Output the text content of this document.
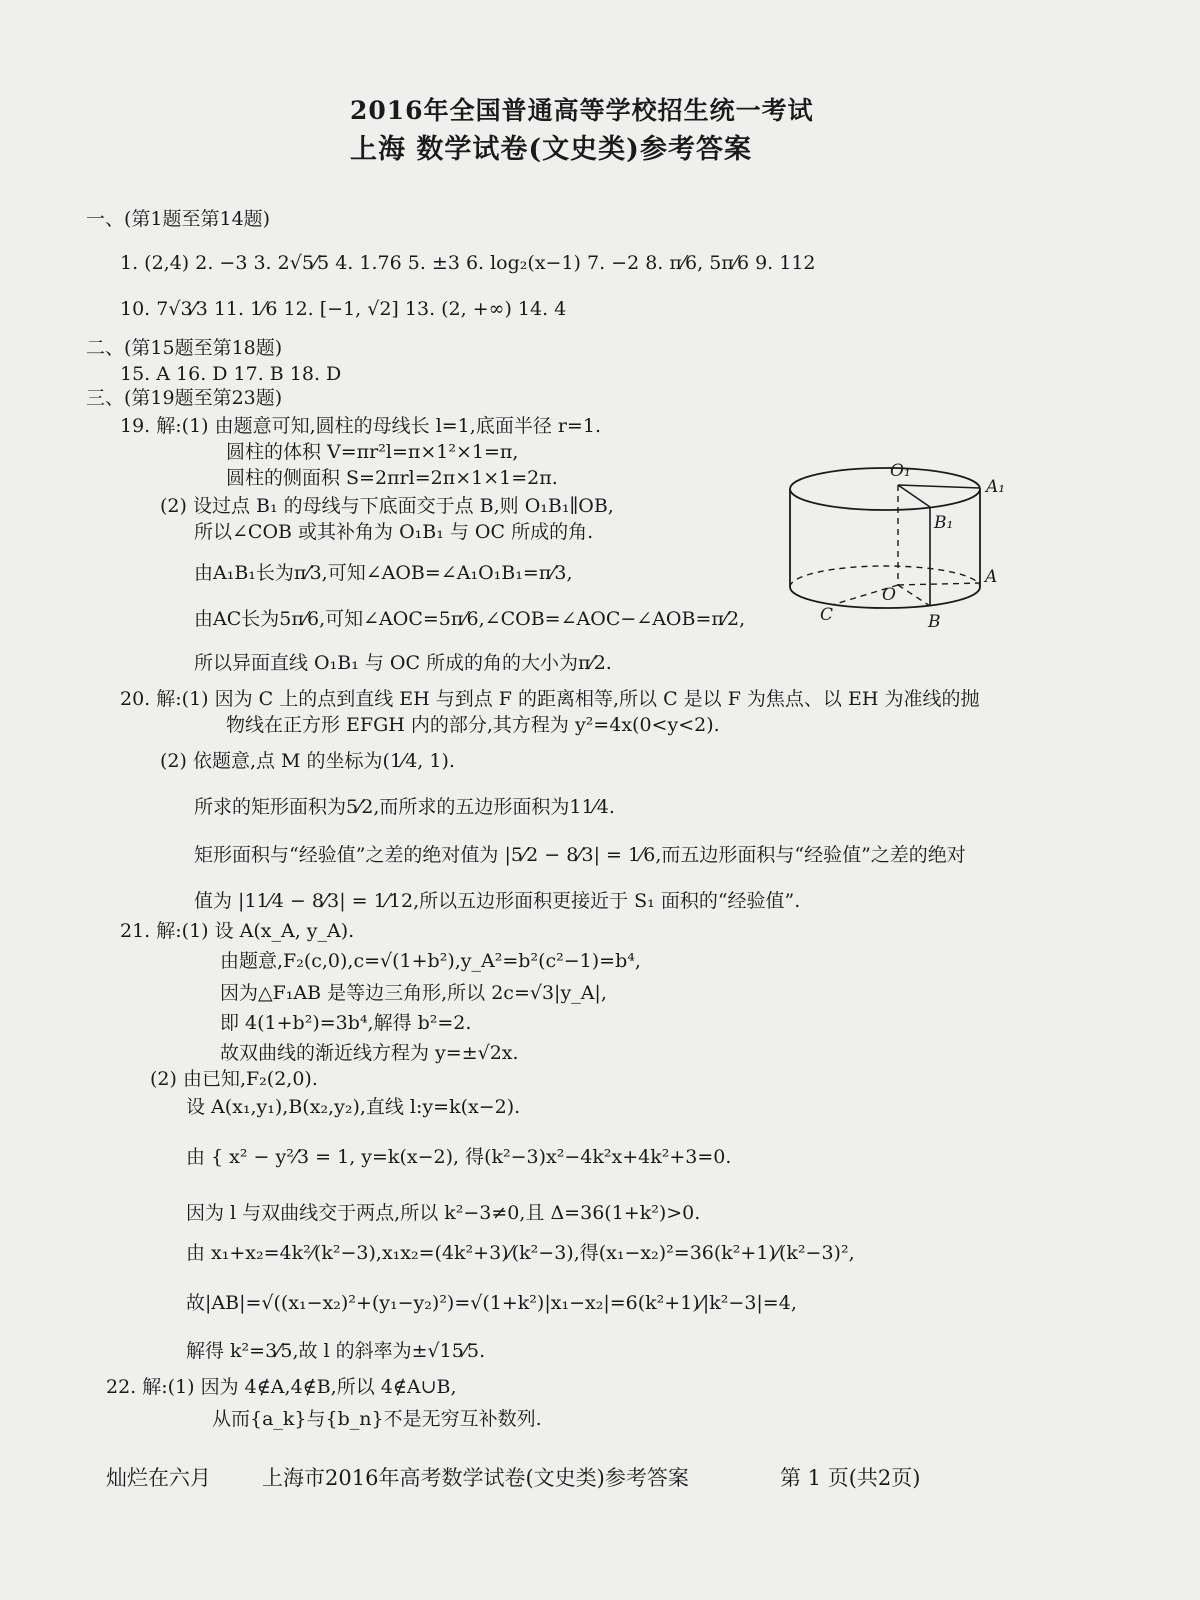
2016年全国普通高等学校招生统一考试
上海 数学试卷(文史类)参考答案
一、(第1题至第14题)
1. (2,4) 2. −3 3. 2√5⁄5 4. 1.76 5. ±3 6. log₂(x−1) 7. −2 8. π⁄6, 5π⁄6 9. 112
10. 7√3⁄3 11. 1⁄6 12. [−1, √2] 13. (2, +∞) 14. 4
二、(第15题至第18题)
15. A 16. D 17. B 18. D
三、(第19题至第23题)
19. 解:(1) 由题意可知,圆柱的母线长 l=1,底面半径 r=1.
圆柱的体积 V=πr²l=π×1²×1=π,
圆柱的侧面积 S=2πrl=2π×1×1=2π.
(2) 设过点 B₁ 的母线与下底面交于点 B,则 O₁B₁∥OB,
所以∠COB 或其补角为 O₁B₁ 与 OC 所成的角.
由A₁B₁长为π⁄3,可知∠AOB=∠A₁O₁B₁=π⁄3,
由AC长为5π⁄6,可知∠AOC=5π⁄6,∠COB=∠AOC−∠AOB=π⁄2,
所以异面直线 O₁B₁ 与 OC 所成的角的大小为π⁄2.
O₁
A₁
B₁
A
O
C	B
20. 解:(1) 因为 C 上的点到直线 EH 与到点 F 的距离相等,所以 C 是以 F 为焦点、以 EH 为准线的抛
物线在正方形 EFGH 内的部分,其方程为 y²=4x(0<y<2).
(2) 依题意,点 M 的坐标为(1⁄4, 1).
所求的矩形面积为5⁄2,而所求的五边形面积为11⁄4.
矩形面积与“经验值”之差的绝对值为 |5⁄2 − 8⁄3| = 1⁄6,而五边形面积与“经验值”之差的绝对
值为 |11⁄4 − 8⁄3| = 1⁄12,所以五边形面积更接近于 S₁ 面积的“经验值”.
21. 解:(1) 设 A(x_A, y_A).
由题意,F₂(c,0),c=√(1+b²),y_A²=b²(c²−1)=b⁴,
因为△F₁AB 是等边三角形,所以 2c=√3|y_A|,
即 4(1+b²)=3b⁴,解得 b²=2.
故双曲线的渐近线方程为 y=±√2x.
(2) 由已知,F₂(2,0).
设 A(x₁,y₁),B(x₂,y₂),直线 l:y=k(x−2).
由 { x² − y²⁄3 = 1, y=k(x−2), 得(k²−3)x²−4k²x+4k²+3=0.
因为 l 与双曲线交于两点,所以 k²−3≠0,且 Δ=36(1+k²)>0.
由 x₁+x₂=4k²⁄(k²−3),x₁x₂=(4k²+3)⁄(k²−3),得(x₁−x₂)²=36(k²+1)⁄(k²−3)²,
故|AB|=√((x₁−x₂)²+(y₁−y₂)²)=√(1+k²)|x₁−x₂|=6(k²+1)⁄|k²−3|=4,
解得 k²=3⁄5,故 l 的斜率为±√15⁄5.
22. 解:(1) 因为 4∉A,4∉B,所以 4∉A∪B,
从而{a_k}与{b_n}不是无穷互补数列.
灿烂在六月 上海市2016年高考数学试卷(文史类)参考答案	第 1 页(共2页)
